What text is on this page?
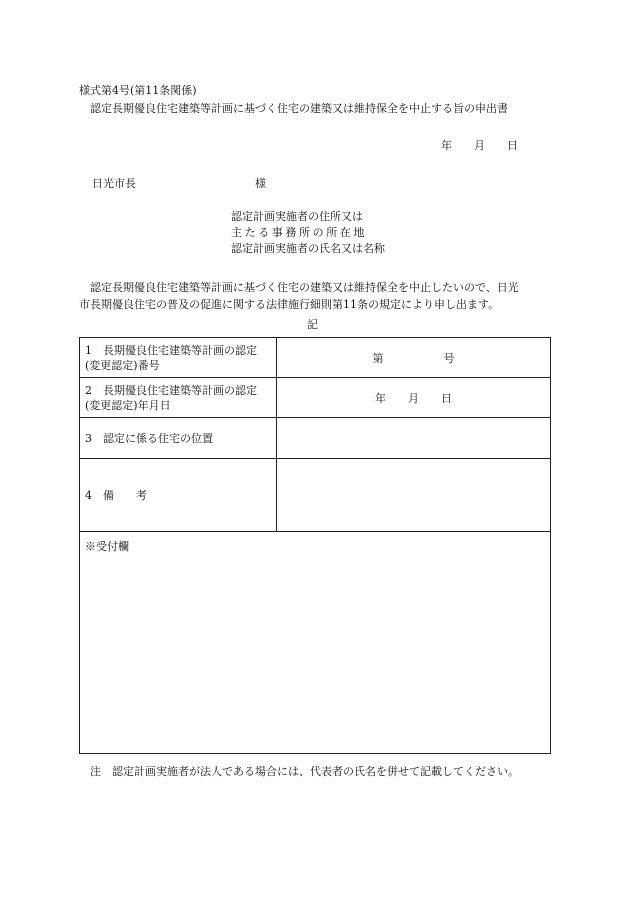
様式第4号(第11条関係)
認定長期優良住宅建築等計画に基づく住宅の建築又は維持保全を中止する旨の申出書
年 月 日
日光市長	様
認定計画実施者の住所又は
主たる事務所の所在地
認定計画実施者の氏名又は名称
認定長期優良住宅建築等計画に基づく住宅の建築又は維持保全を中止したいので、日光
市長期優良住宅の普及の促進に関する法律施行細則第11条の規定により申し出ます。
記
1　長期優良住宅建築等計画の認定
(変更認定)番号	第 号

2　長期優良住宅建築等計画の認定
(変更認定)年月日	年 月 日
3　認定に係る住宅の位置	
4　備　　考	
※受付欄	
注　認定計画実施者が法人である場合には、代表者の氏名を併せて記載してください。
